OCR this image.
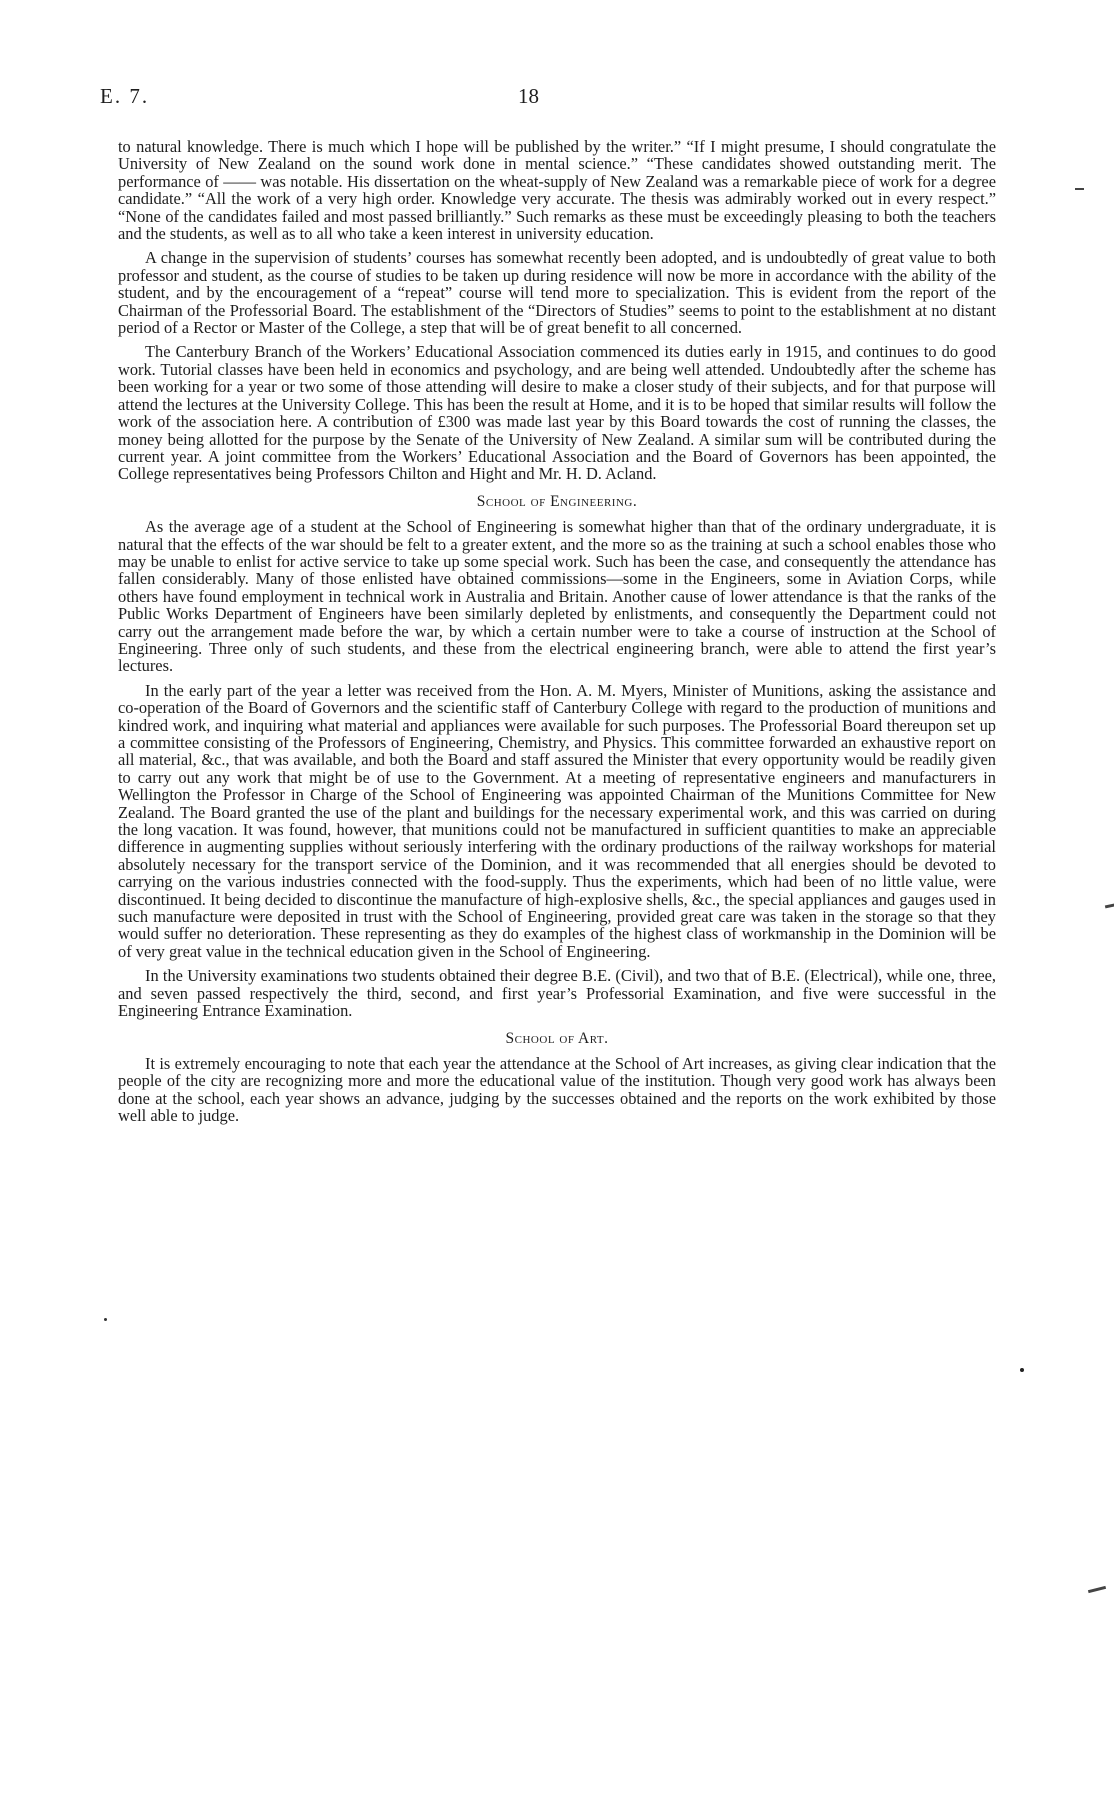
E. 7.	18

to natural knowledge. There is much which I hope will be published by the writer.” “If I might presume, I should congratulate the University of New Zealand on the sound work done in mental science.” “These candidates showed outstanding merit. The performance of —— was notable. His dissertation on the wheat-supply of New Zealand was a remarkable piece of work for a degree candidate.” “All the work of a very high order. Knowledge very accurate. The thesis was admirably worked out in every respect.” “None of the candidates failed and most passed brilliantly.” Such remarks as these must be exceedingly pleasing to both the teachers and the students, as well as to all who take a keen interest in university education.

A change in the supervision of students’ courses has somewhat recently been adopted, and is undoubtedly of great value to both professor and student, as the course of studies to be taken up during residence will now be more in accordance with the ability of the student, and by the encouragement of a “repeat” course will tend more to specialization. This is evident from the report of the Chairman of the Professorial Board. The establishment of the “Directors of Studies” seems to point to the establishment at no distant period of a Rector or Master of the College, a step that will be of great benefit to all concerned.

The Canterbury Branch of the Workers’ Educational Association commenced its duties early in 1915, and continues to do good work. Tutorial classes have been held in economics and psychology, and are being well attended. Undoubtedly after the scheme has been working for a year or two some of those attending will desire to make a closer study of their subjects, and for that purpose will attend the lectures at the University College. This has been the result at Home, and it is to be hoped that similar results will follow the work of the association here. A contribution of £300 was made last year by this Board towards the cost of running the classes, the money being allotted for the purpose by the Senate of the University of New Zealand. A similar sum will be contributed during the current year. A joint committee from the Workers’ Educational Association and the Board of Governors has been appointed, the College representatives being Professors Chilton and Hight and Mr. H. D. Acland.

School of Engineering.

As the average age of a student at the School of Engineering is somewhat higher than that of the ordinary undergraduate, it is natural that the effects of the war should be felt to a greater extent, and the more so as the training at such a school enables those who may be unable to enlist for active service to take up some special work. Such has been the case, and consequently the attendance has fallen considerably. Many of those enlisted have obtained commissions—some in the Engineers, some in Aviation Corps, while others have found employment in technical work in Australia and Britain. Another cause of lower attendance is that the ranks of the Public Works Department of Engineers have been similarly depleted by enlistments, and consequently the Department could not carry out the arrangement made before the war, by which a certain number were to take a course of instruction at the School of Engineering. Three only of such students, and these from the electrical engineering branch, were able to attend the first year’s lectures.

In the early part of the year a letter was received from the Hon. A. M. Myers, Minister of Munitions, asking the assistance and co-operation of the Board of Governors and the scientific staff of Canterbury College with regard to the production of munitions and kindred work, and inquiring what material and appliances were available for such purposes. The Professorial Board thereupon set up a committee consisting of the Professors of Engineering, Chemistry, and Physics. This committee forwarded an exhaustive report on all material, &c., that was available, and both the Board and staff assured the Minister that every opportunity would be readily given to carry out any work that might be of use to the Government. At a meeting of representative engineers and manufacturers in Wellington the Professor in Charge of the School of Engineering was appointed Chairman of the Munitions Committee for New Zealand. The Board granted the use of the plant and buildings for the necessary experimental work, and this was carried on during the long vacation. It was found, however, that munitions could not be manufactured in sufficient quantities to make an appreciable difference in augmenting supplies without seriously interfering with the ordinary productions of the railway workshops for material absolutely necessary for the transport service of the Dominion, and it was recommended that all energies should be devoted to carrying on the various industries connected with the food-supply. Thus the experiments, which had been of no little value, were discontinued. It being decided to discontinue the manufacture of high-explosive shells, &c., the special appliances and gauges used in such manufacture were deposited in trust with the School of Engineering, provided great care was taken in the storage so that they would suffer no deterioration. These representing as they do examples of the highest class of workmanship in the Dominion will be of very great value in the technical education given in the School of Engineering.

In the University examinations two students obtained their degree B.E. (Civil), and two that of B.E. (Electrical), while one, three, and seven passed respectively the third, second, and first year’s Professorial Examination, and five were successful in the Engineering Entrance Examination.

School of Art.

It is extremely encouraging to note that each year the attendance at the School of Art increases, as giving clear indication that the people of the city are recognizing more and more the educational value of the institution. Though very good work has always been done at the school, each year shows an advance, judging by the successes obtained and the reports on the work exhibited by those well able to judge.
